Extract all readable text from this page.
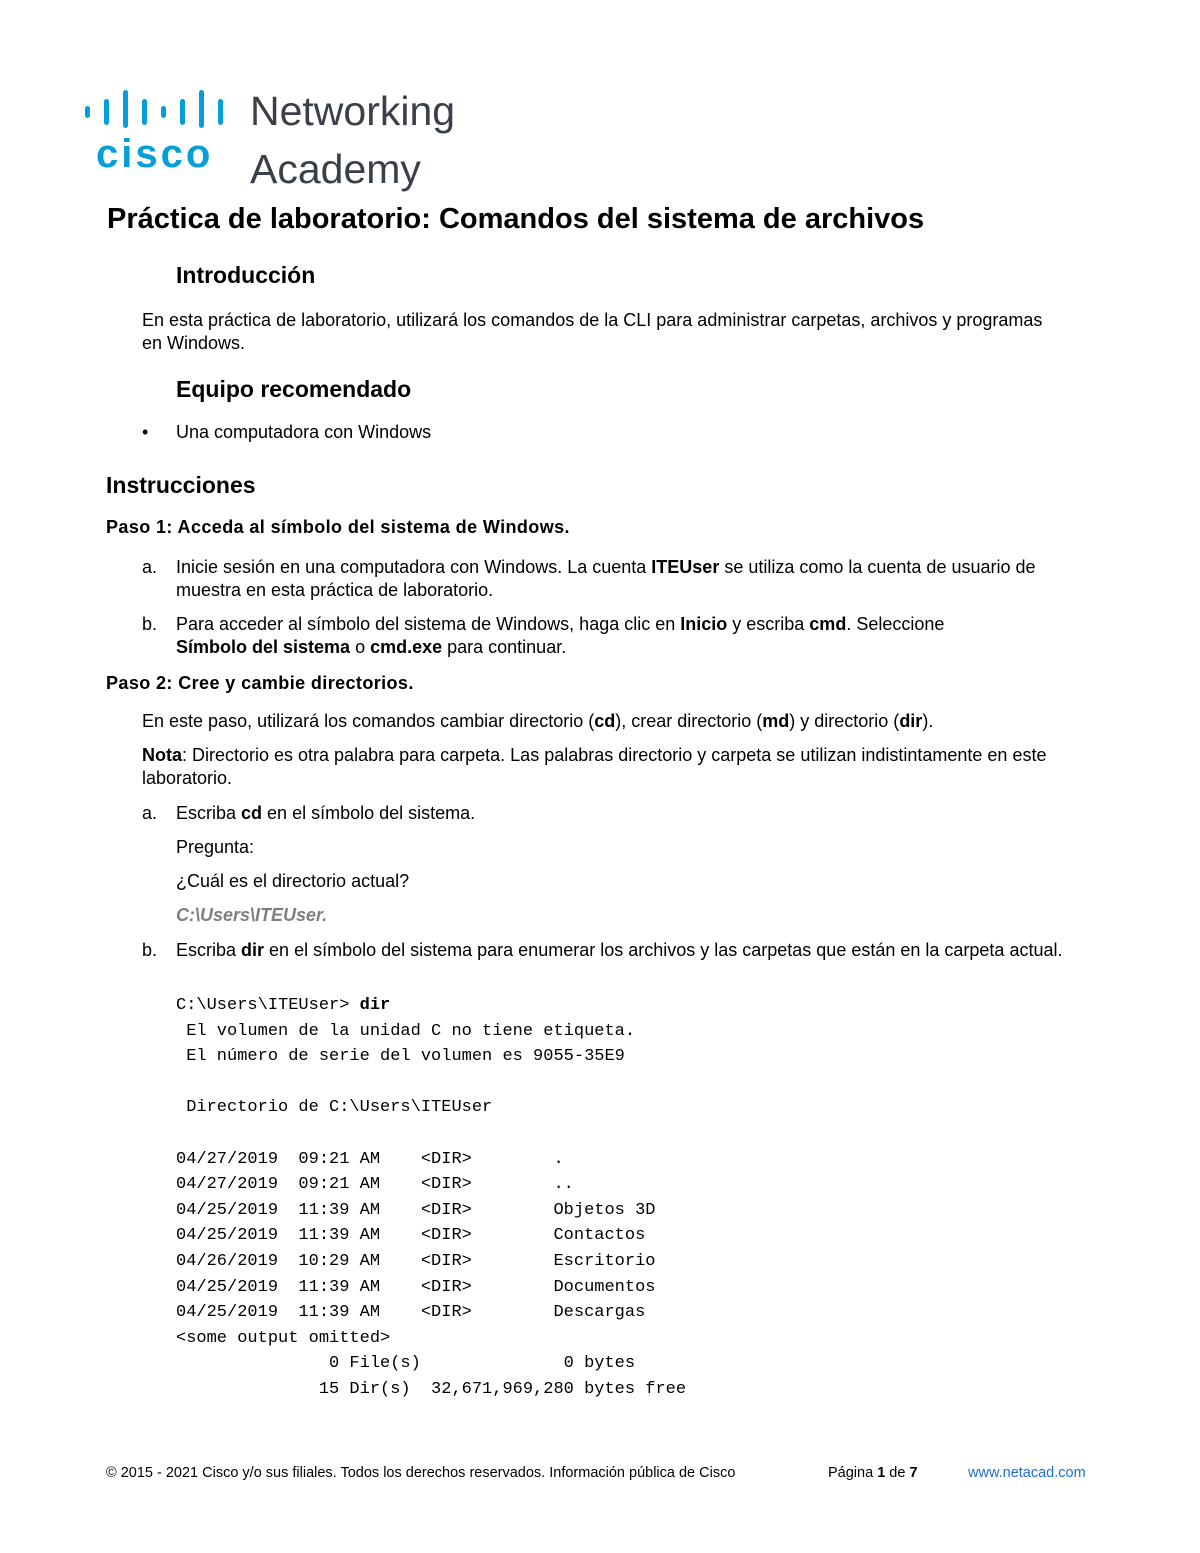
cisco
Networking
Academy
Práctica de laboratorio: Comandos del sistema de archivos
Introducción
En esta práctica de laboratorio, utilizará los comandos de la CLI para administrar carpetas, archivos y programas en Windows.
Equipo recomendado
• Una computadora con Windows
Instrucciones
Paso 1: Acceda al símbolo del sistema de Windows.
a. Inicie sesión en una computadora con Windows. La cuenta ITEUser se utiliza como la cuenta de usuario de muestra en esta práctica de laboratorio.
b. Para acceder al símbolo del sistema de Windows, haga clic en Inicio y escriba cmd. Seleccione
Símbolo del sistema o cmd.exe para continuar.
Paso 2: Cree y cambie directorios.
En este paso, utilizará los comandos cambiar directorio (cd), crear directorio (md) y directorio (dir).
Nota: Directorio es otra palabra para carpeta. Las palabras directorio y carpeta se utilizan indistintamente en este laboratorio.
a. Escriba cd en el símbolo del sistema.
Pregunta:
¿Cuál es el directorio actual?
C:\Users\ITEUser.
b. Escriba dir en el símbolo del sistema para enumerar los archivos y las carpetas que están en la carpeta actual.
C:\Users\ITEUser> dir
El volumen de la unidad C no tiene etiqueta.
El número de serie del volumen es 9055-35E9
Directorio de C:\Users\ITEUser
04/27/2019  09:21 AM    <DIR>        .
04/27/2019  09:21 AM    <DIR>        ..
04/25/2019  11:39 AM    <DIR>        Objetos 3D
04/25/2019  11:39 AM    <DIR>        Contactos
04/26/2019  10:29 AM    <DIR>        Escritorio
04/25/2019  11:39 AM    <DIR>        Documentos
04/25/2019  11:39 AM    <DIR>        Descargas
<some output omitted>
0 File(s)              0 bytes
15 Dir(s)  32,671,969,280 bytes free
© 2015 - 2021 Cisco y/o sus filiales. Todos los derechos reservados. Información pública de Cisco	Página 1 de 7	www.netacad.com
